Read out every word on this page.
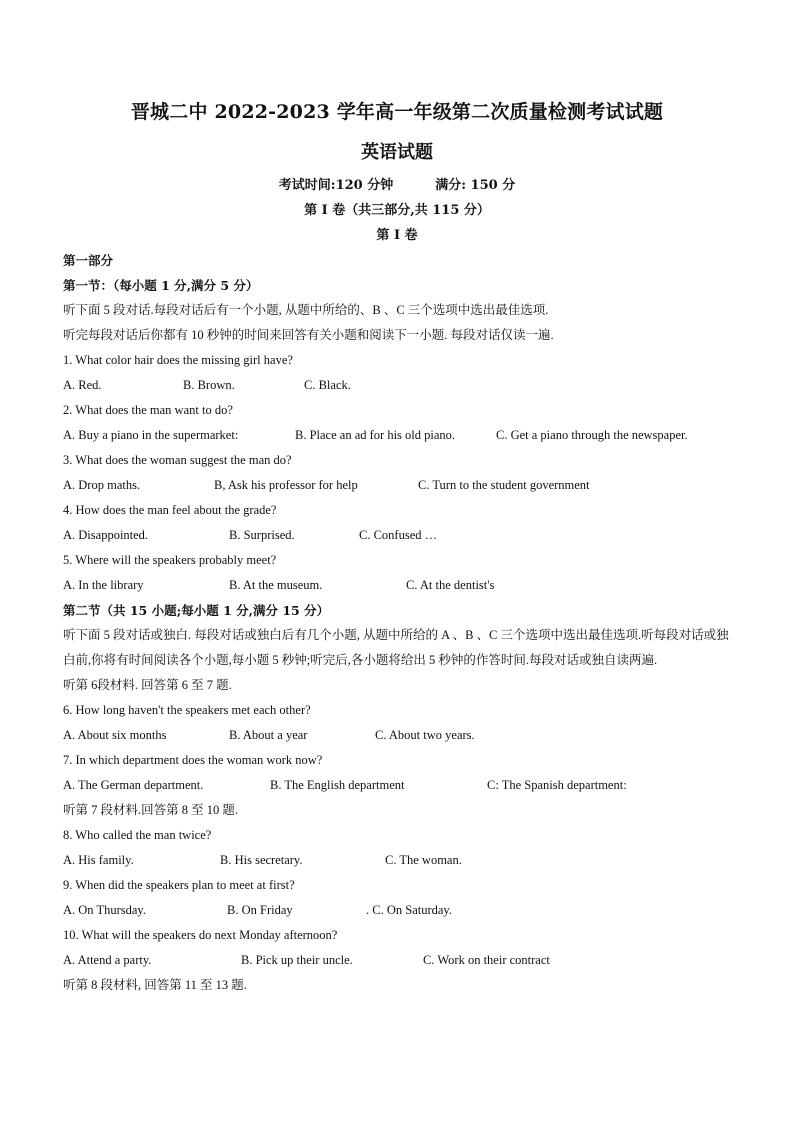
晋城二中 2022-2023 学年高一年级第二次质量检测考试试题
英语试题
考试时间:120 分钟	满分: 150 分
第 I 卷（共三部分,共 115 分）
第 I 卷
第一部分
第一节：（每小题 1 分,满分 5 分）
听下面 5 段对话.每段对话后有一个小题, 从题中所给的、B 、C 三个选项中选出最佳选项.
听完每段对话后你都有 10 秒钟的时间来回答有关小题和阅读下一小题. 每段对话仅读一遍.
1. What color hair does the missing girl have?
A. Red.	B. Brown.	C. Black.
2. What does the man want to do?
A. Buy a piano in the supermarket:	B. Place an ad for his old piano.	C. Get a piano through the newspaper.
3. What does the woman suggest the man do?
A. Drop maths.	B, Ask his professor for help	C. Turn to the student government
4. How does the man feel about the grade?
A. Disappointed.	B. Surprised.	C. Confused …
5. Where will the speakers probably meet?
A. In the library	B. At the museum.	C. At the dentist's
第二节（共 15 小题;每小题 1 分,满分 15 分）
听下面 5 段对话或独白. 每段对话或独白后有几个小题, 从题中所给的 A 、B 、C 三个选项中选出最佳选项.听每段对话或独白前,你将有时间阅读各个小题,每小题 5 秒钟;听完后,各小题将给出 5 秒钟的作答时间.每段对话或独自读两遍.
听第 6段材料. 回答第 6 至 7 题.
6. How long haven't the speakers met each other?
A. About six months	B. About a year	C. About two years.
7. In which department does the woman work now?
A. The German department.	B. The English department	C: The Spanish department:
听第 7 段材料.回答第 8 至 10 题.
8. Who called the man twice?
A. His family.	B. His secretary.	C. The woman.
9. When did the speakers plan to meet at first?
A. On Thursday.	B. On Friday	. C. On Saturday.
10. What will the speakers do next Monday afternoon?
A. Attend a party.	B. Pick up their uncle.	C. Work on their contract
听第 8 段材料, 回答第 11 至 13 题.
